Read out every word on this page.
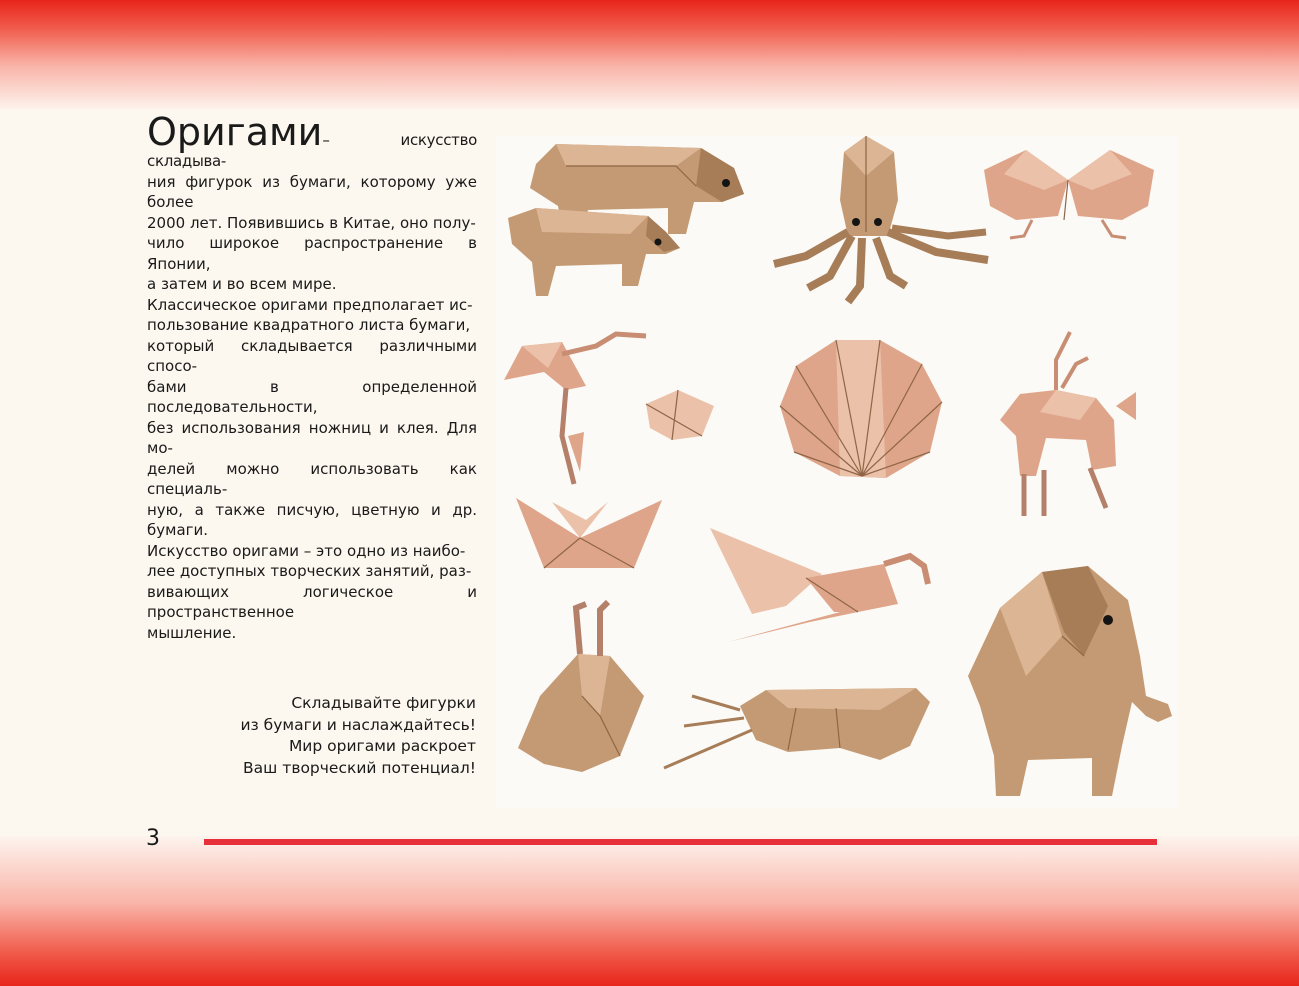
Оригами– искусство складыва-
ния фигурок из бумаги, которому уже более
2000 лет. Появившись в Китае, оно полу-
чило широкое распространение в Японии,
а затем и во всем мире.
Классическое оригами предполагает ис-
пользование квадратного листа бумаги,
который складывается различными спосо-
бами в определенной последовательности,
без использования ножниц и клея. Для мо-
делей можно использовать как специаль-
ную, а также писчую, цветную и др. бумаги.
Искусство оригами – это одно из наибо-
лее доступных творческих занятий, раз-
вивающих логическое и пространственное
мышление.
Складывайте фигурки
из бумаги и наслаждайтесь!
Мир оригами раскроет
Ваш творческий потенциал!
3
